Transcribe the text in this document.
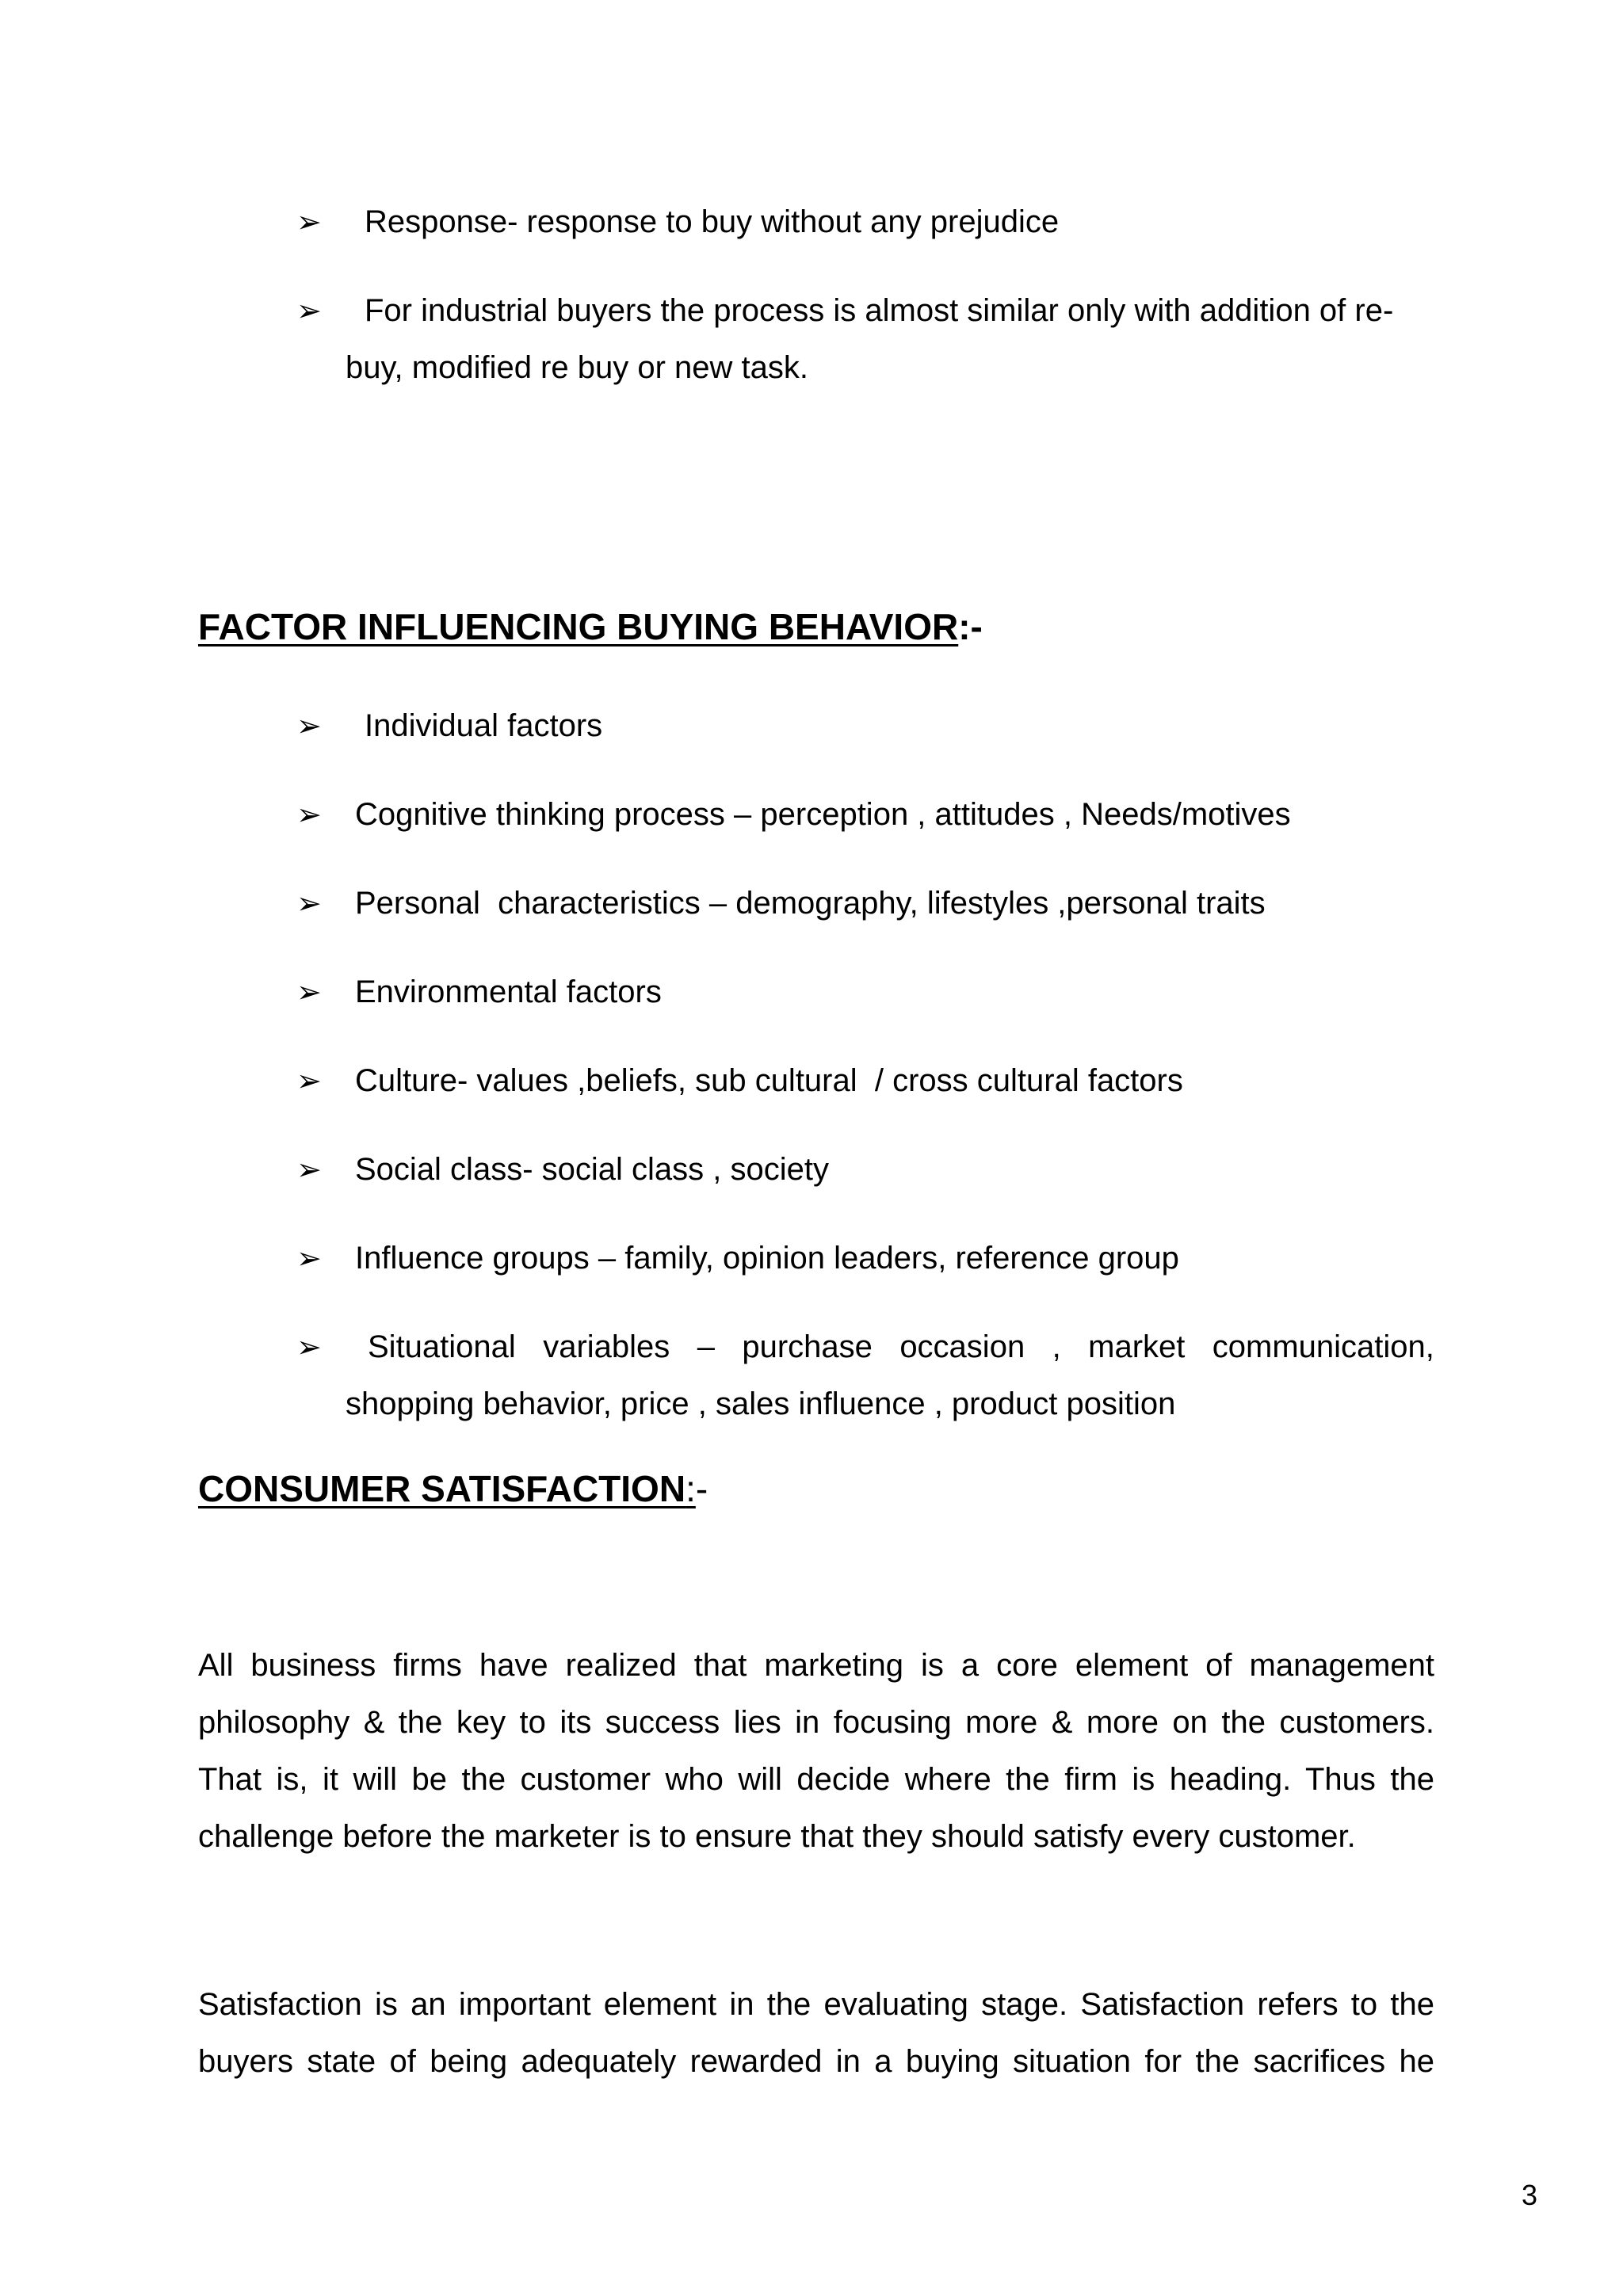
➢ Response- response to buy without any prejudice
➢ For industrial buyers the process is almost similar only with addition of re-
buy, modified re buy or new task.
FACTOR INFLUENCING BUYING BEHAVIOR:-
➢ Individual factors
➢ Cognitive thinking process – perception , attitudes , Needs/motives
➢ Personal  characteristics – demography, lifestyles ,personal traits
➢ Environmental factors
➢ Culture- values ,beliefs, sub cultural  / cross cultural factors
➢ Social class- social class , society
➢ Influence groups – family, opinion leaders, reference group
➢ Situational variables – purchase occasion , market communication,
shopping behavior, price , sales influence , product position
CONSUMER SATISFACTION:-
All business firms have realized that marketing is a core element of management
philosophy & the key to its success lies in focusing more & more on the customers.
That is, it will be the customer who will decide where the firm is heading. Thus the
challenge before the marketer is to ensure that they should satisfy every customer.
Satisfaction is an important element in the evaluating stage. Satisfaction refers to the
buyers state of being adequately rewarded in a buying situation for the sacrifices he
3
